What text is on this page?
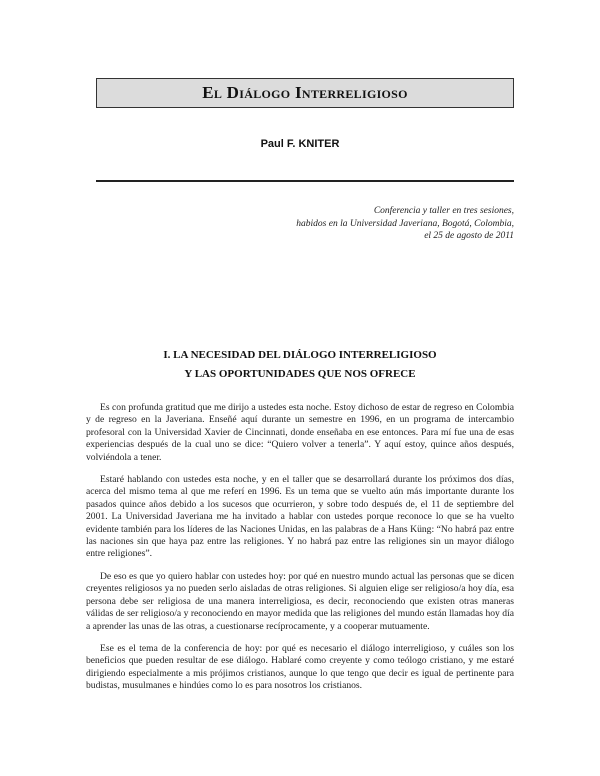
El Diálogo Interreligioso
Paul F. KNITER
Conferencia y taller en tres sesiones,
habidos en la Universidad Javeriana, Bogotá, Colombia,
el 25 de agosto de 2011
I. LA NECESIDAD DEL DIÁLOGO INTERRELIGIOSO
Y LAS OPORTUNIDADES QUE NOS OFRECE

Es con profunda gratitud que me dirijo a ustedes esta noche. Estoy dichoso de estar de regreso en Colombia y de regreso en la Javeriana. Enseñé aquí durante un semestre en 1996, en un programa de intercambio profesoral con la Universidad Xavier de Cincinnati, donde enseñaba en ese entonces. Para mí fue una de esas experiencias después de la cual uno se dice: “Quiero volver a tenerla”. Y aquí estoy, quince años después, volviéndola a tener.

Estaré hablando con ustedes esta noche, y en el taller que se desarrollará durante los próximos dos días, acerca del mismo tema al que me referí en 1996. Es un tema que se vuelto aún más importante durante los pasados quince años debido a los sucesos que ocurrieron, y sobre todo después de, el 11 de septiembre del 2001. La Universidad Javeriana me ha invitado a hablar con ustedes porque reconoce lo que se ha vuelto evidente también para los líderes de las Naciones Unidas, en las palabras de a Hans Küng: “No habrá paz entre las naciones sin que haya paz entre las religiones. Y no habrá paz entre las religiones sin un mayor diálogo entre religiones”.

De eso es que yo quiero hablar con ustedes hoy: por qué en nuestro mundo actual las personas que se dicen creyentes religiosos ya no pueden serlo aisladas de otras religiones. Si alguien elige ser religioso/a hoy día, esa persona debe ser religiosa de una manera interreligiosa, es decir, reconociendo que existen otras maneras válidas de ser religioso/a y reconociendo en mayor medida que las religiones del mundo están llamadas hoy día a aprender las unas de las otras, a cuestionarse recíprocamente, y a cooperar mutuamente.

Ese es el tema de la conferencia de hoy: por qué es necesario el diálogo interreligioso, y cuáles son los beneficios que pueden resultar de ese diálogo. Hablaré como creyente y como teólogo cristiano, y me estaré dirigiendo especialmente a mis prójimos cristianos, aunque lo que tengo que decir es igual de pertinente para budistas, musulmanes e hindúes como lo es para nosotros los cristianos.
